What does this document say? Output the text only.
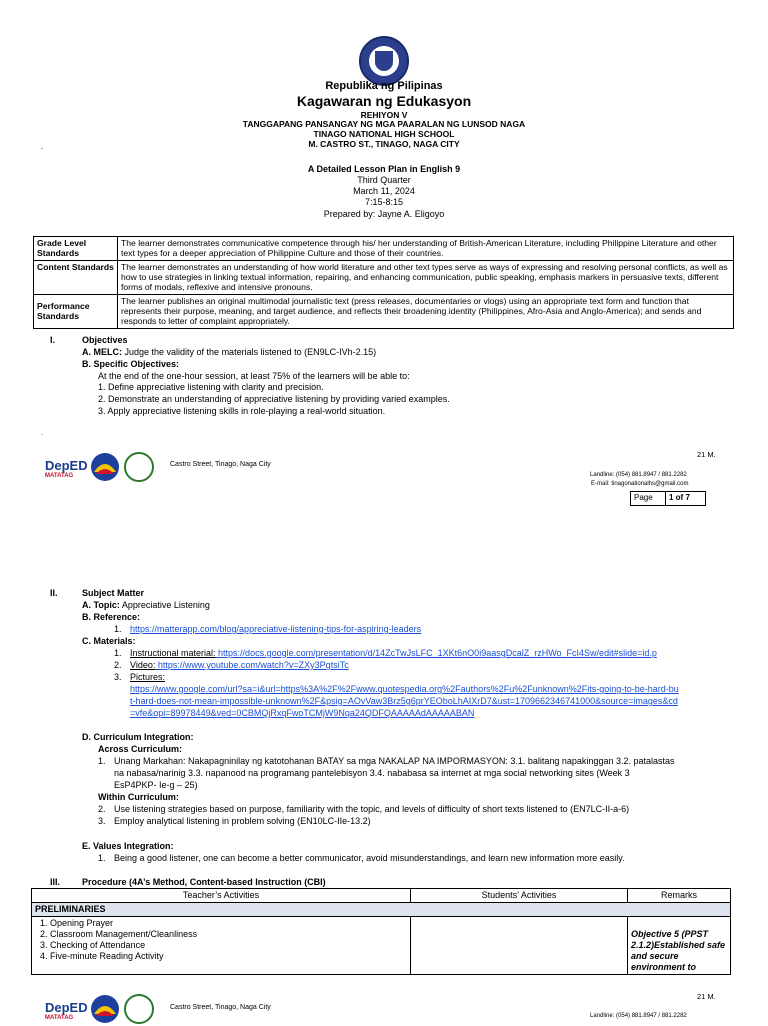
Republika ng Pilipinas
Kagawaran ng Edukasyon
REHIYON V
TANGGAPANG PANSANGAY NG MGA PAARALAN NG LUNSOD NAGA
TINAGO NATIONAL HIGH SCHOOL
M. CASTRO ST., TINAGO, NAGA CITY
.
A Detailed Lesson Plan in English 9
Third Quarter
March 11, 2024
7:15-8:15
Prepared by: Jayne A. Eligoyo
Grade Level Standards	The learner demonstrates communicative competence through his/ her understanding of British-American Literature, including Philippine Literature and other text types for a deeper appreciation of Philippine Culture and those of their countries.
Content Standards	The learner demonstrates an understanding of how world literature and other text types serve as ways of expressing and resolving personal conflicts, as well as how to use strategies in linking textual information, repairing, and enhancing communication, public speaking, emphasis markers in persuasive texts, different forms of modals, reflexive and intensive pronouns.
Performance Standards	The learner publishes an original multimodal journalistic text (press releases, documentaries or vlogs) using an appropriate text form and function that represents their purpose, meaning, and target audience, and reflects their broadening identity (Philippines, Afro-Asia and Anglo-America); and sends and responds to letter of complaint appropriately.
I.	Objectives
A. MELC: Judge the validity of the materials listened to (EN9LC-IVh-2.15)
B. Specific Objectives:
At the end of the one-hour session, at least 75% of the learners will be able to:
1. Define appreciative listening with clarity and precision.
2. Demonstrate an understanding of appreciative listening by providing varied examples.
3. Apply appreciative listening skills in role-playing a real-world situation.
.
DepED
MATATAG
Castro Street, Tinago, Naga City
21 M.
Landline: (054) 881.8947 / 881.2282
E-mail: tinagonationalhs@gmail.com
Page	1 of 7
II.	Subject Matter
A. Topic: Appreciative Listening
B. Reference:
1. https://matterapp.com/blog/appreciative-listening-tips-for-aspiring-leaders
C. Materials:
1. Instructional material: https://docs.google.com/presentation/d/14ZcTwJsLFC_1XKt6nO0i9aasgDcalZ_rzHWo_FcI4Sw/edit#slide=id.p
2. Video: https://www.youtube.com/watch?v=ZXy3PgtsiTc
3. Pictures:
https://www.google.com/url?sa=i&url=https%3A%2F%2Fwww.quotespedia.org%2Fauthors%2Fu%2Funknown%2Fits-going-to-be-hard-bu
t-hard-does-not-mean-impossible-unknown%2F&psig=AOvVaw3Brz5g6prYEOboLhAIXrD7&ust=1709662346741000&source=images&cd
=vfe&opi=89978449&ved=0CBMQjRxqFwoTCMjW9Nqa24QDFQAAAAAdAAAAABAN
D. Curriculum Integration:
Across Curriculum:
1. Unang Markahan: Nakapagninilay ng katotohanan BATAY sa mga NAKALAP NA IMPORMASYON: 3.1. balitang napakinggan 3.2. patalastas
na nabasa/narinig 3.3. napanood na programang pantelebisyon 3.4. nababasa sa internet at mga social networking sites (Week 3
EsP4PKP- Ie-g – 25)
Within Curriculum:
2. Use listening strategies based on purpose, familiarity with the topic, and levels of difficulty of short texts listened to (EN7LC-II-a-6)
3. Employ analytical listening in problem solving (EN10LC-IIe-13.2)
E. Values Integration:
1. Being a good listener, one can become a better communicator, avoid misunderstandings, and learn new information more easily.
III. Procedure (4A’s Method, Content-based Instruction (CBI)
Teacher’s Activities	Students’ Activities	Remarks
PRELIMINARIES		

1. Opening Prayer
2. Classroom Management/Cleanliness
3. Checking of Attendance
4. Five-minute Reading Activity		Objective 5 (PPST 2.1.2)Established safe and secure environment to
DepED
MATATAG
Castro Street, Tinago, Naga City
21 M.
Landline: (054) 881.8947 / 881.2282
